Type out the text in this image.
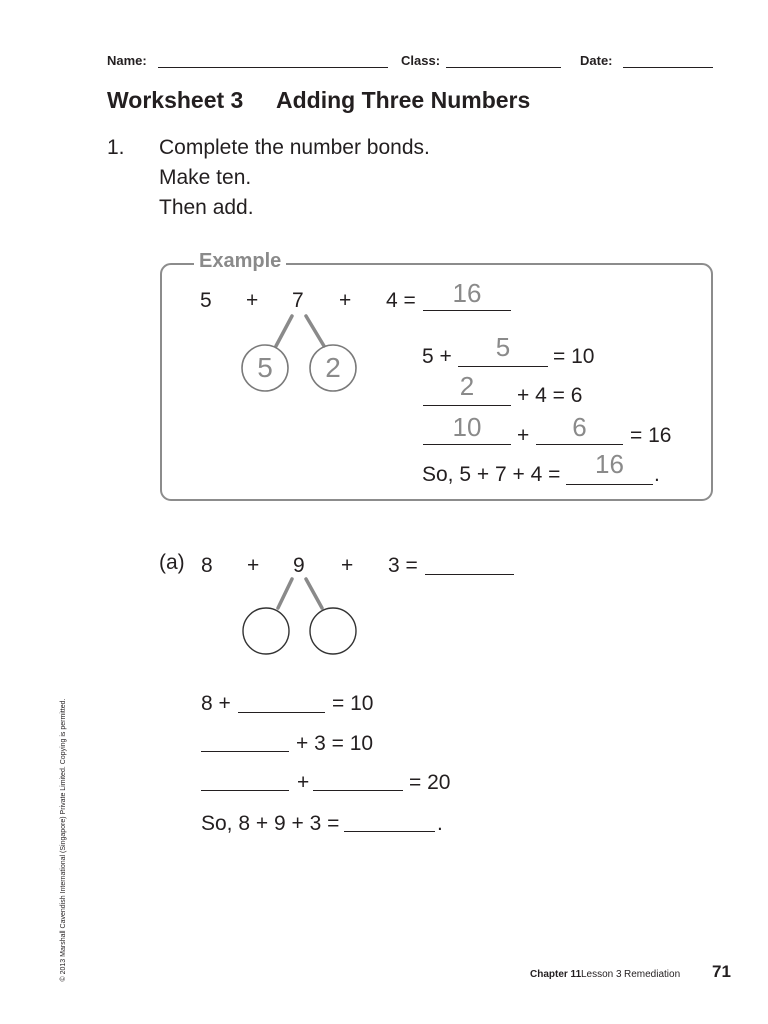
Name:	Class:	Date:
Worksheet 3 Adding Three Numbers
1. Complete the number bonds.
Make ten.
Then add.
Example
5 + 7 + 4 =	16
5	2	5 +	5	= 10
2	+ 4 = 6
10	+	6	= 16
So, 5 + 7 + 4 =	16	.
(a) 8 + 9 + 3 =
8 +	= 10
+ 3 = 10
+	= 20
So, 8 + 9 + 3 =	.
© 2013 Marshall Cavendish International (Singapore) Private Limited. Copying is permitted.	Chapter 11 Lesson 3 Remediation 71
